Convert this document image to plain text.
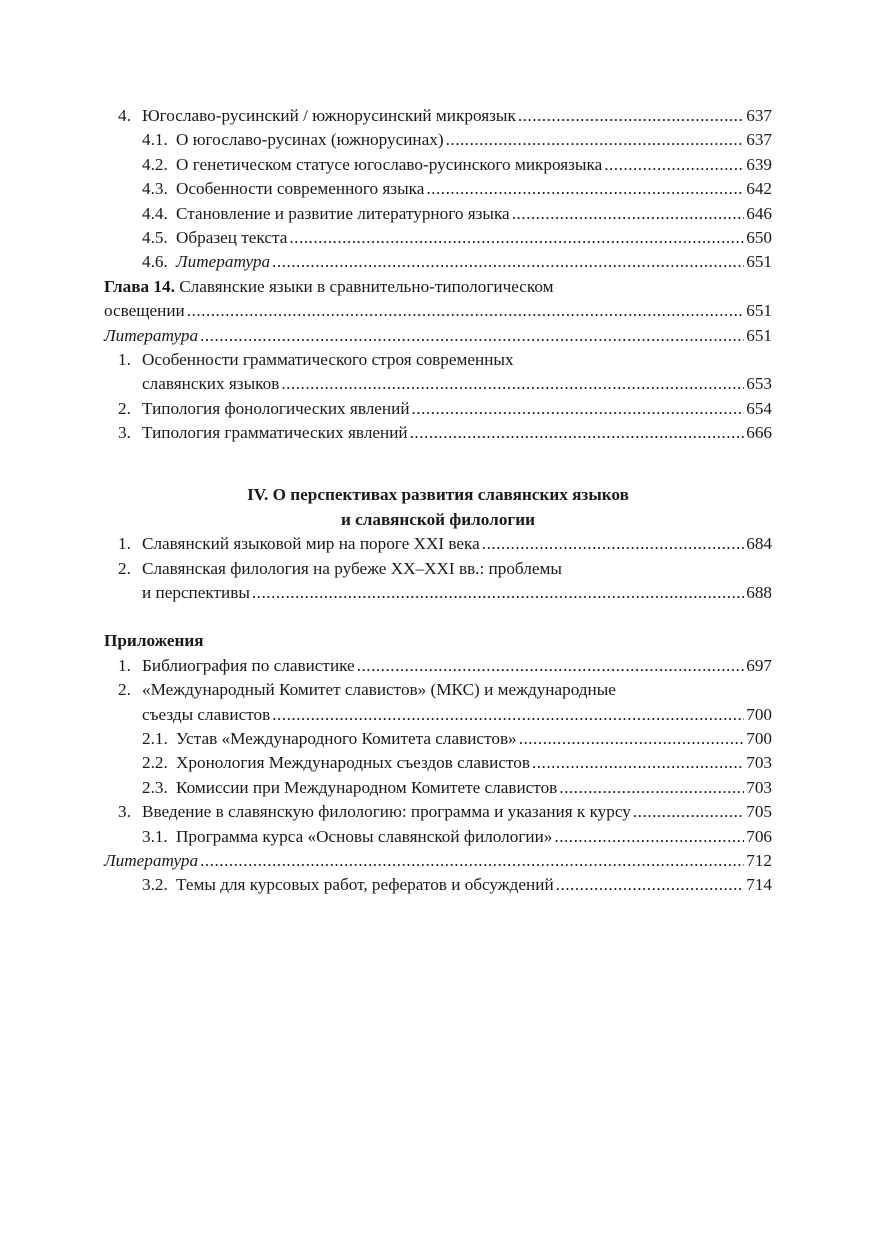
4. Югославо-русинский / южнорусинский микроязык .....	637
4.1. О югославо-русинах (южнорусинах) .....	637
4.2. О генетическом статусе югославо-русинского микроязыка .....	639
4.3. Особенности современного языка .....	642
4.4. Становление и развитие литературного языка .....	646
4.5. Образец текста .....	650
4.6. Литература .....	651
Глава 14.
Славянские языки в сравнительно-типологическом
освещении .....	651
Литература .....	651
1. Особенности грамматического строя современных
славянских языков .....	653
2. Типология фонологических явлений .....	654
3. Типология грамматических явлений .....	666
IV. О перспективах развития славянских языков
и славянской филологии
1. Славянский языковой мир на пороге XXI века .....	684
2. Славянская филология на рубеже XX–XXI вв.: проблемы
и перспективы .....	688
Приложения
1. Библиография по славистике .....	697
2. «Международный Комитет славистов» (МКС) и международные
съезды славистов .....	700
2.1. Устав «Международного Комитета славистов» .....	700
2.2. Хронология Международных съездов славистов .....	703
2.3. Комиссии при Международном Комитете славистов .....	703
3. Введение в славянскую филологию: программа и указания к курсу .....	705
3.1. Программа курса «Основы славянской филологии» .....	706
Литература .....	712
3.2. Темы для курсовых работ, рефератов и обсуждений .....	714
